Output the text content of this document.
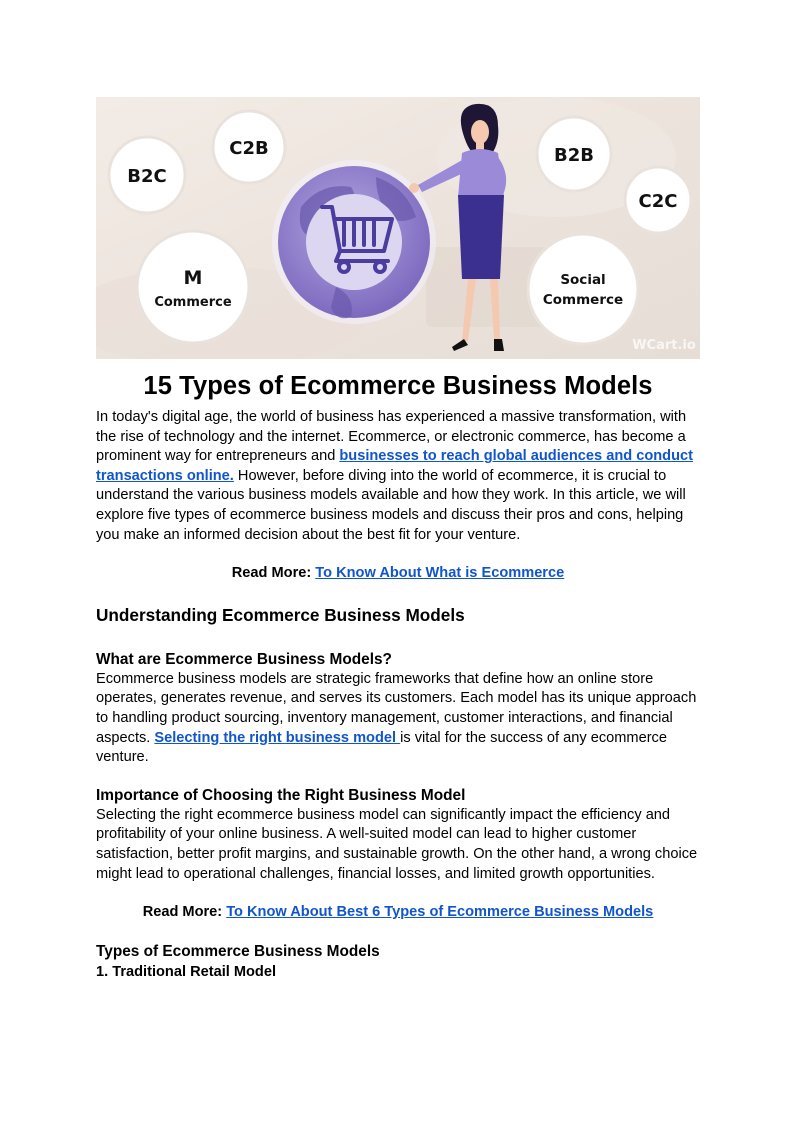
B2C
C2B
M
Commerce
B2B
C2C
Social
Commerce
WCart.io
15 Types of Ecommerce Business Models

In today's digital age, the world of business has experienced a massive transformation, with the rise of technology and the internet. Ecommerce, or electronic commerce, has become a prominent way for entrepreneurs and businesses to reach global audiences and conduct transactions online. However, before diving into the world of ecommerce, it is crucial to understand the various business models available and how they work. In this article, we will explore five types of ecommerce business models and discuss their pros and cons, helping you make an informed decision about the best fit for your venture.

Read More: To Know About What is Ecommerce

Understanding Ecommerce Business Models
What are Ecommerce Business Models?

Ecommerce business models are strategic frameworks that define how an online store operates, generates revenue, and serves its customers. Each model has its unique approach to handling product sourcing, inventory management, customer interactions, and financial aspects. Selecting the right business model is vital for the success of any ecommerce venture.

Importance of Choosing the Right Business Model

Selecting the right ecommerce business model can significantly impact the efficiency and profitability of your online business. A well-suited model can lead to higher customer satisfaction, better profit margins, and sustainable growth. On the other hand, a wrong choice might lead to operational challenges, financial losses, and limited growth opportunities.

Read More: To Know About Best 6 Types of Ecommerce Business Models

Types of Ecommerce Business Models

1. Traditional Retail Model
